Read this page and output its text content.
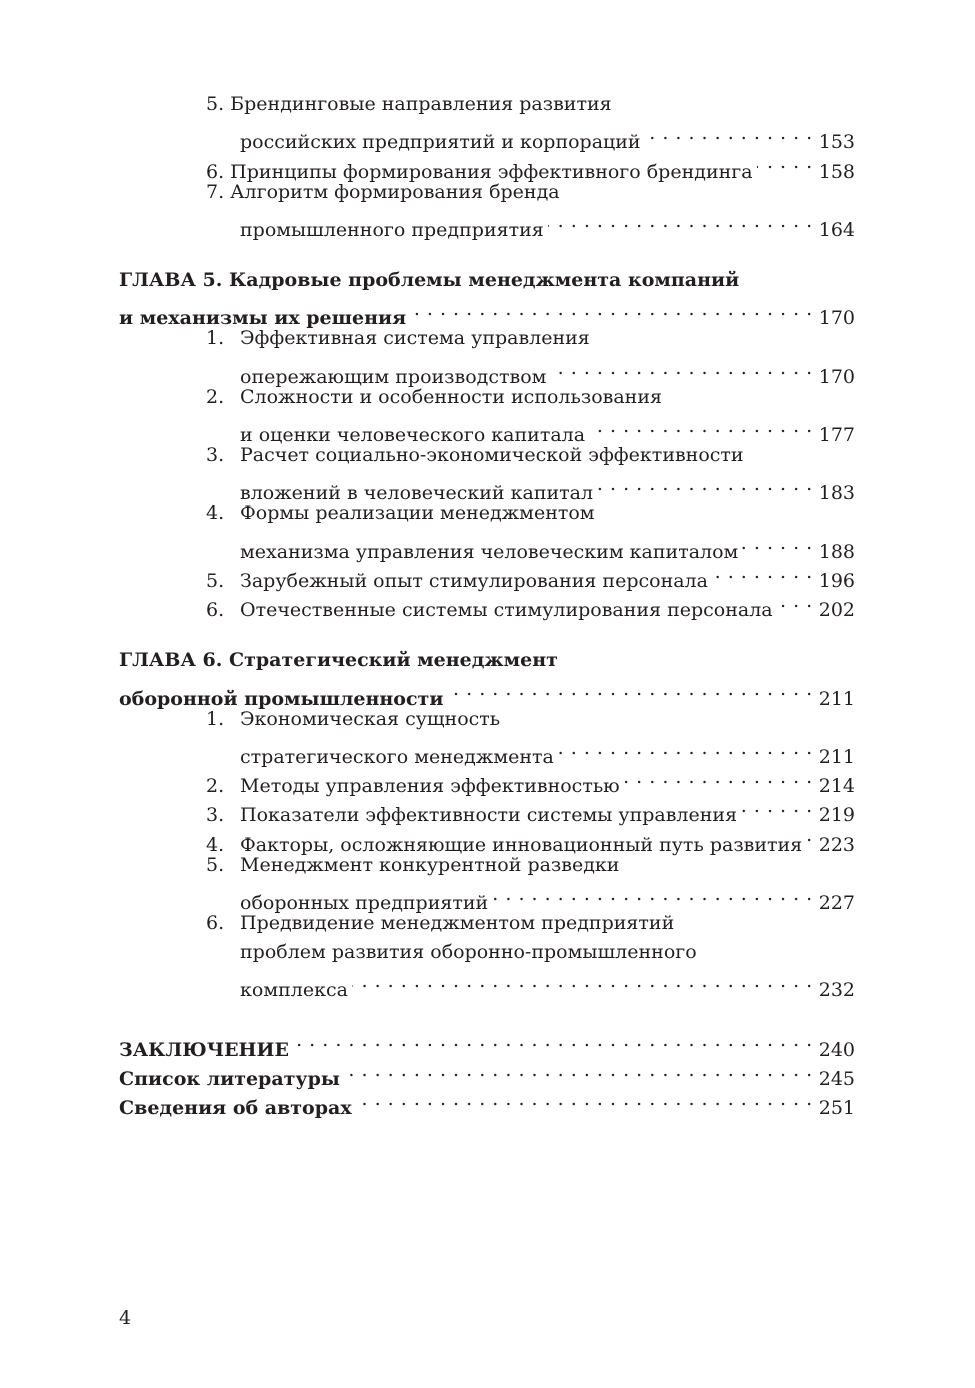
5. Брендинговые направления развития
российских предприятий и корпораций . . .	153
6. Принципы формирования эффективного брендинга . . .	158
7. Алгоритм формирования бренда
промышленного предприятия . . .	164
ГЛАВА 5. Кадровые проблемы менеджмента компаний
и механизмы их решения . . .	170
1. Эффективная система управления
опережающим производством . . .	170
2. Сложности и особенности использования
и оценки человеческого капитала . . .	177
3. Расчет социально-экономической эффективности
вложений в человеческий капитал . . .	183
4. Формы реализации менеджментом
механизма управления человеческим капиталом . . .	188
5. Зарубежный опыт стимулирования персонала . . .	196
6. Отечественные системы стимулирования персонала . . . 202
ГЛАВА 6. Стратегический менеджмент
оборонной промышленности . . .	211
1. Экономическая сущность
стратегического менеджмента . . .	211
2. Методы управления эффективностью . . .	214
3. Показатели эффективности системы управления . . .	219
4. Факторы, осложняющие инновационный путь развития . . . 223
5. Менеджмент конкурентной разведки
оборонных предприятий . . .	227
6. Предвидение менеджментом предприятий
проблем развития оборонно-промышленного
комплекса . . .	232
ЗАКЛЮЧЕНИЕ . . .	240
Список литературы . . .	245
Сведения об авторах . . .	251
4
